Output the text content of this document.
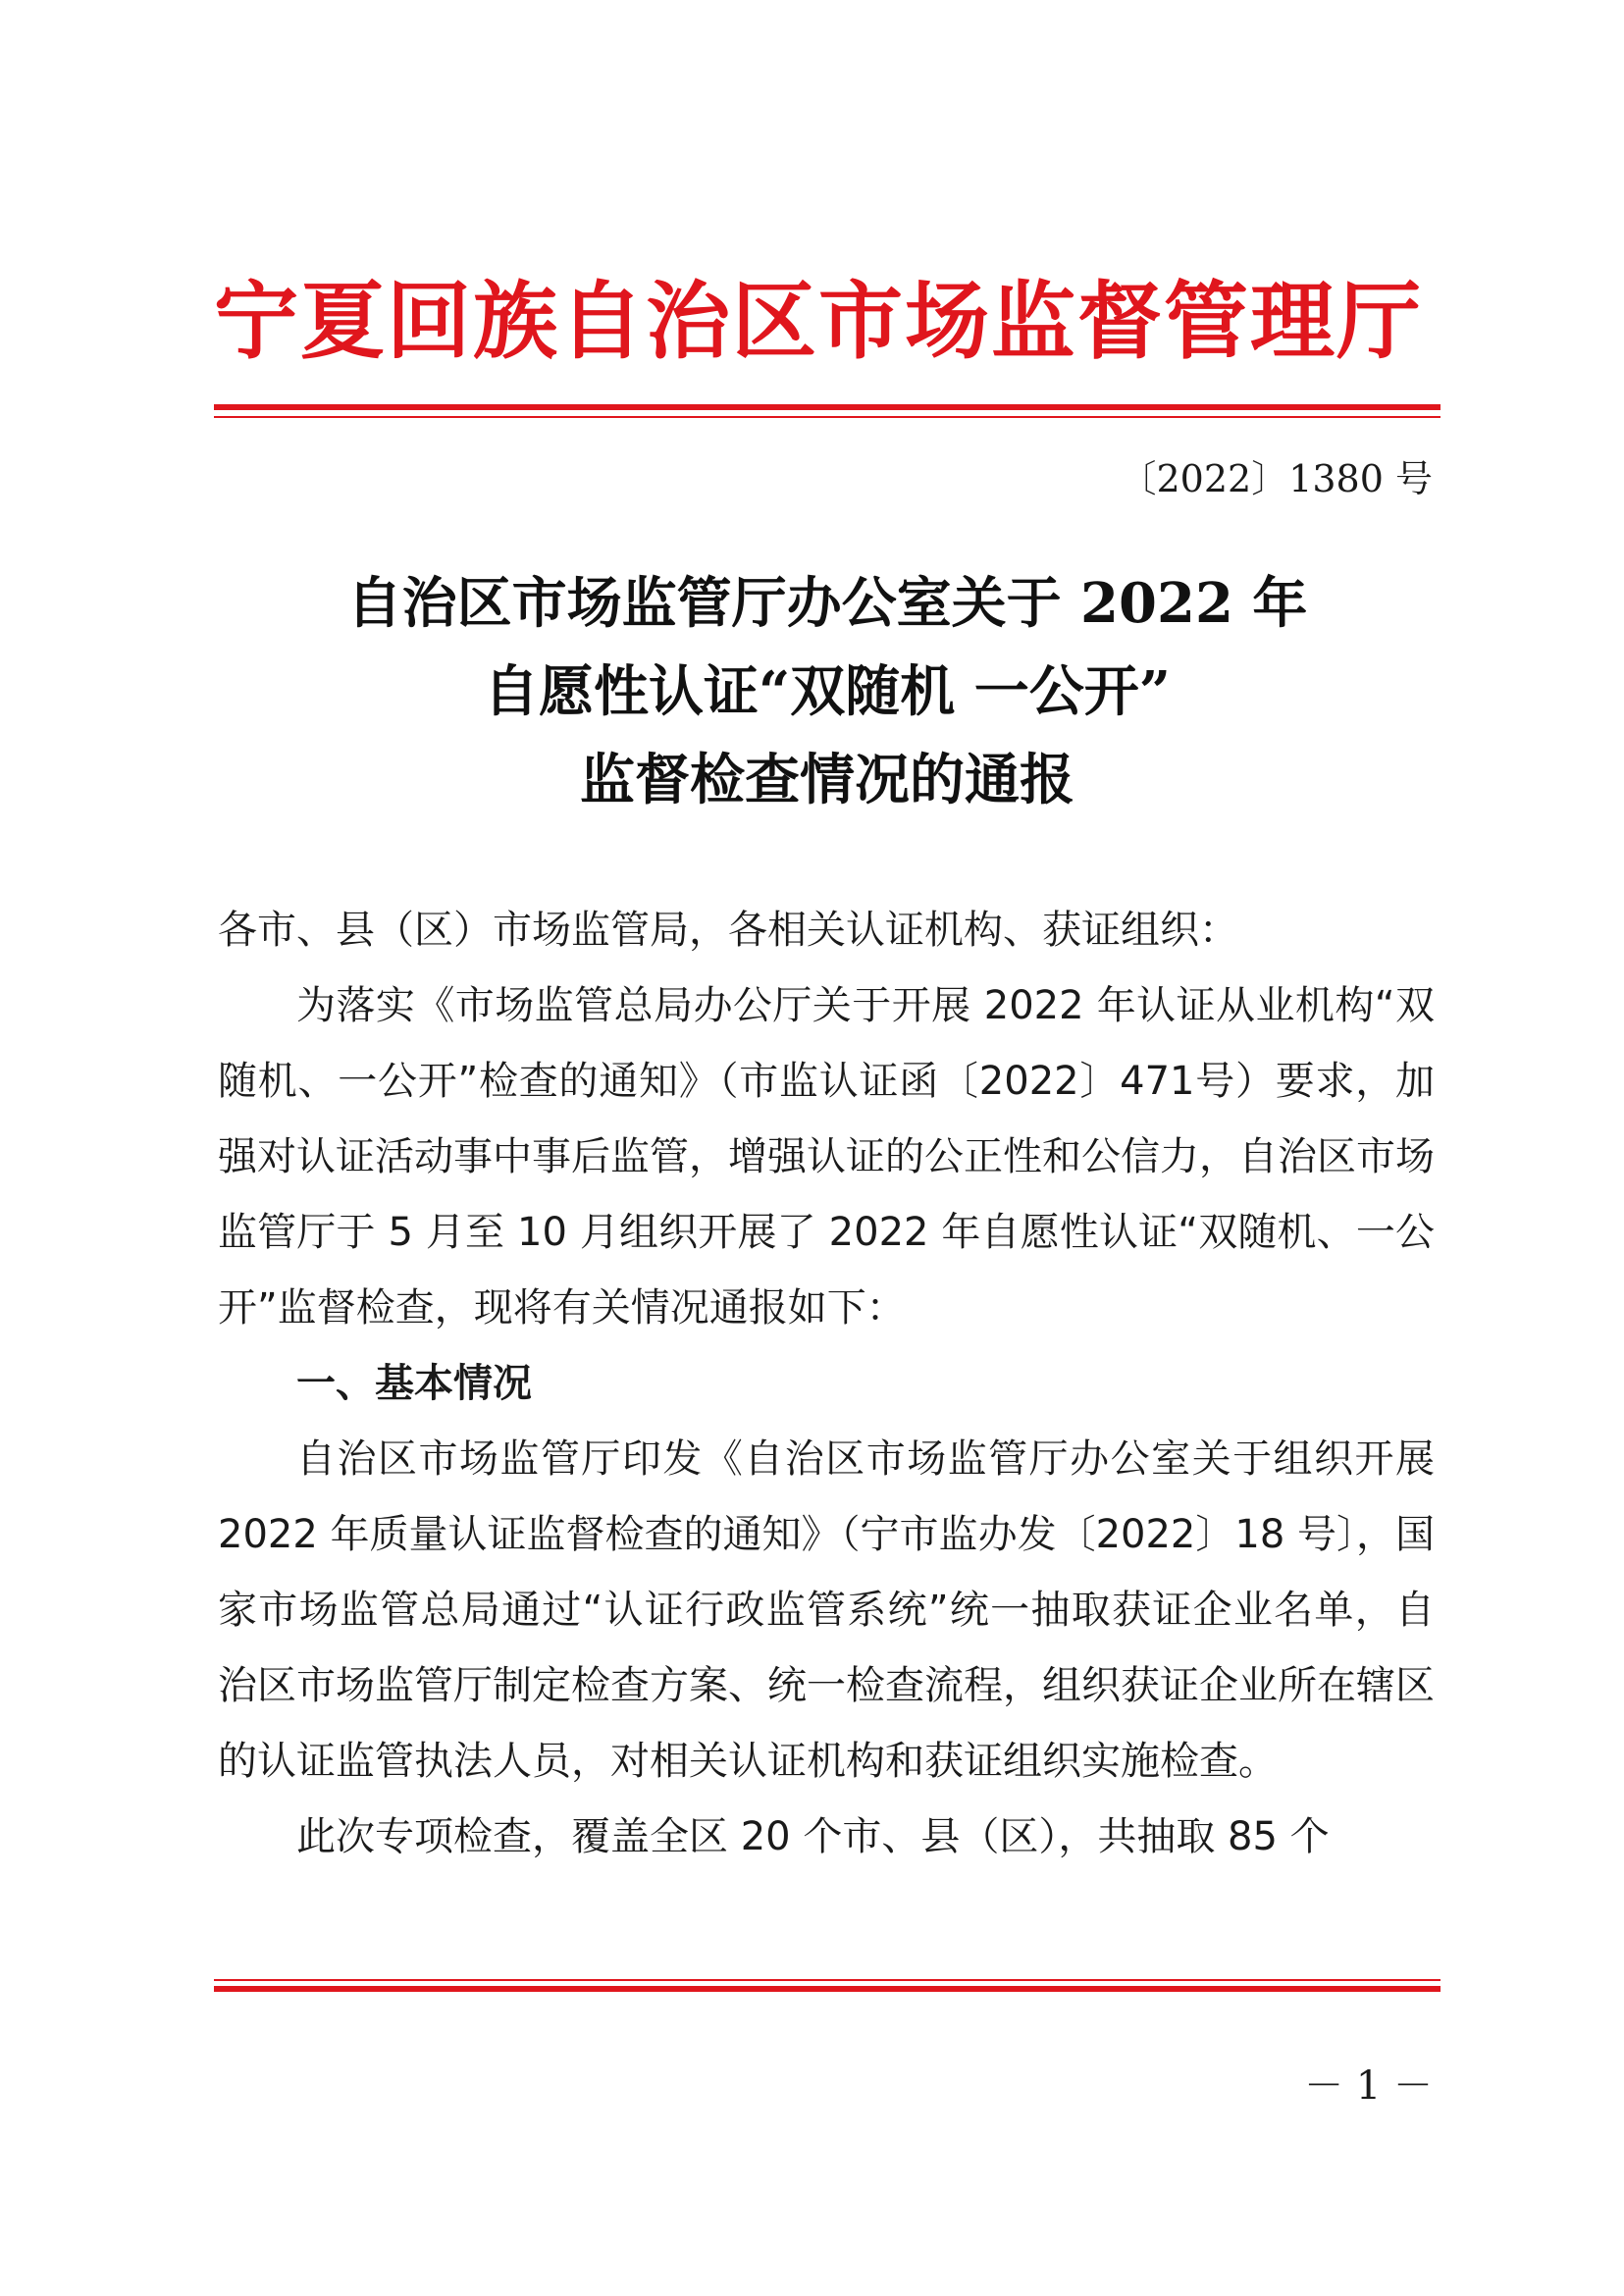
宁夏回族自治区市场监督管理厅
〔2022〕1380 号
自治区市场监管厅办公室关于 2022 年
自愿性认证“双随机 一公开”
监督检查情况的通报

各市、县（区）市场监管局，各相关认证机构、获证组织：

为落实《市场监管总局办公厅关于开展 2022 年认证从业机构“双随机、一公开”检查的通知》（市监认证函〔2022〕471号）要求，加强对认证活动事中事后监管，增强认证的公正性和公信力，自治区市场监管厅于 5 月至 10 月组织开展了 2022 年自愿性认证“双随机、一公开”监督检查，现将有关情况通报如下：

一、基本情况

自治区市场监管厅印发《自治区市场监管厅办公室关于组织开展 2022 年质量认证监督检查的通知》（宁市监办发〔2022〕18 号〕，国家市场监管总局通过“认证行政监管系统”统一抽取获证企业名单，自治区市场监管厅制定检查方案、统一检查流程，组织获证企业所在辖区的认证监管执法人员，对相关认证机构和获证组织实施检查。

此次专项检查，覆盖全区 20 个市、县（区），共抽取 85 个

－ 1 －
